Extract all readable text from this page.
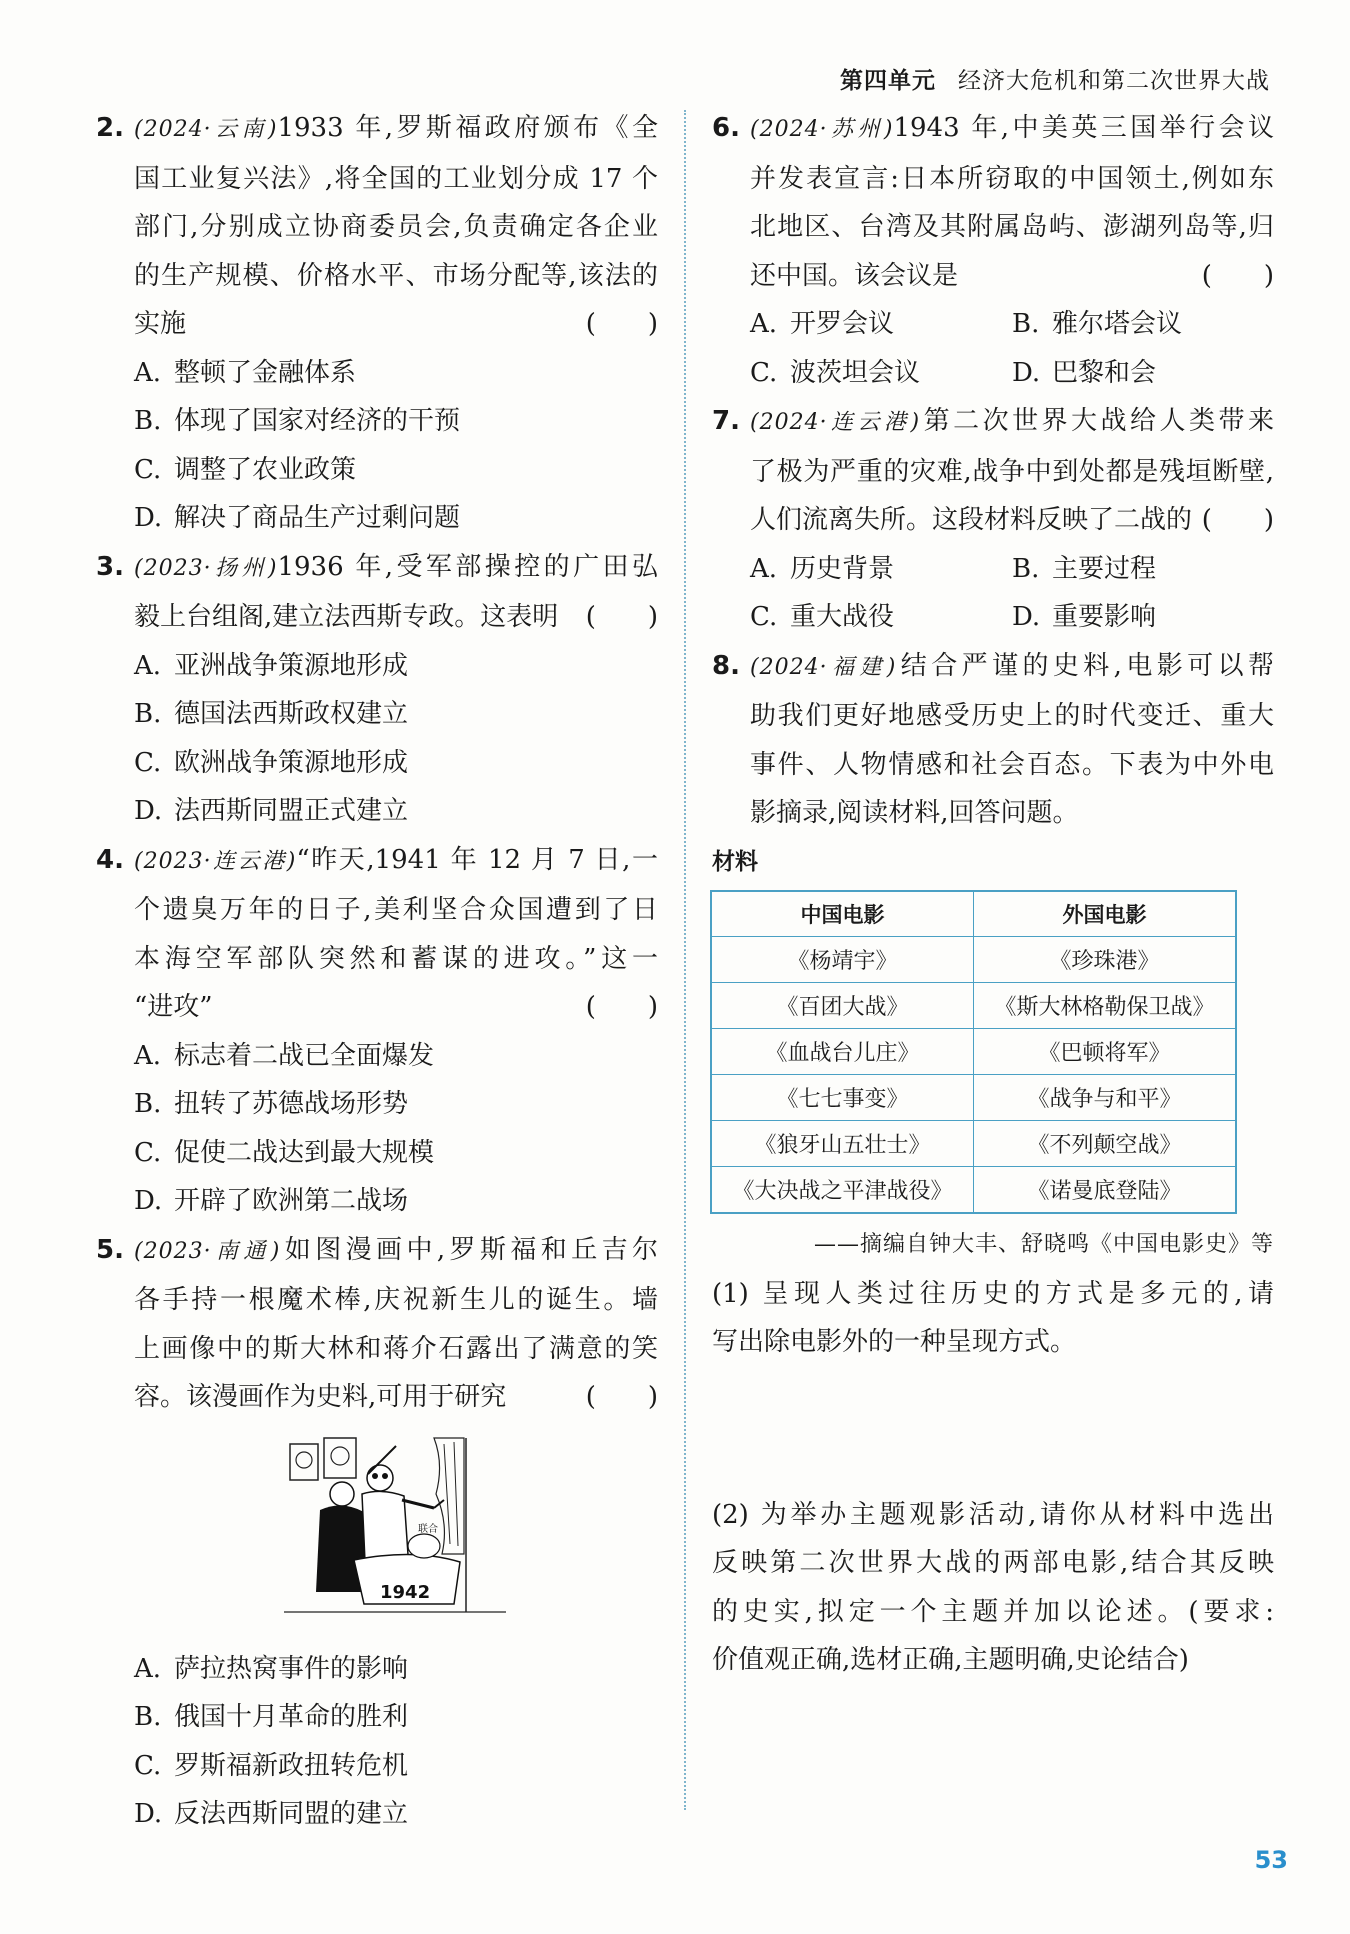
第四单元 经济大危机和第二次世界大战
2. (2024·云南)1933 年,罗斯福政府颁布《全
国工业复兴法》,将全国的工业划分成 17 个
部门,分别成立协商委员会,负责确定各企业
的生产规模、价格水平、市场分配等,该法的
实施	(　　)
A. 整顿了金融体系
B. 体现了国家对经济的干预
C. 调整了农业政策
D. 解决了商品生产过剩问题
3. (2023·扬州)1936 年,受军部操控的广田弘
毅上台组阁,建立法西斯专政。这表明 (　　)
A. 亚洲战争策源地形成
B. 德国法西斯政权建立
C. 欧洲战争策源地形成
D. 法西斯同盟正式建立
4. (2023·连云港)“昨天,1941 年 12 月 7 日,一
个遗臭万年的日子,美利坚合众国遭到了日
本海空军部队突然和蓄谋的进攻。”这一
“进攻”	(　　)
A. 标志着二战已全面爆发
B. 扭转了苏德战场形势
C. 促使二战达到最大规模
D. 开辟了欧洲第二战场
5. (2023·南通)如图漫画中,罗斯福和丘吉尔
各手持一根魔术棒,庆祝新生儿的诞生。墙
上画像中的斯大林和蒋介石露出了满意的笑
容。该漫画作为史料,可用于研究	(　　)
联合
1942
A. 萨拉热窝事件的影响
B. 俄国十月革命的胜利
C. 罗斯福新政扭转危机
D. 反法西斯同盟的建立
6. (2024·苏州)1943 年,中美英三国举行会议
并发表宣言:日本所窃取的中国领土,例如东
北地区、台湾及其附属岛屿、澎湖列岛等,归
还中国。该会议是	(　　)
A. 开罗会议	B. 雅尔塔会议
C. 波茨坦会议	D. 巴黎和会
7. (2024·连云港)第二次世界大战给人类带来
了极为严重的灾难,战争中到处都是残垣断壁,
人们流离失所。这段材料反映了二战的 (　　)
A. 历史背景	B. 主要过程
C. 重大战役	D. 重要影响
8. (2024·福建)结合严谨的史料,电影可以帮
助我们更好地感受历史上的时代变迁、重大
事件、人物情感和社会百态。下表为中外电
影摘录,阅读材料,回答问题。
材料
中国电影	外国电影
《杨靖宇》	《珍珠港》
《百团大战》	《斯大林格勒保卫战》
《血战台儿庄》	《巴顿将军》
《七七事变》	《战争与和平》
《狼牙山五壮士》	《不列颠空战》
《大决战之平津战役》	《诺曼底登陆》
——摘编自钟大丰、舒晓鸣《中国电影史》等
(1) 呈现人类过往历史的方式是多元的,请
写出除电影外的一种呈现方式。
(2) 为举办主题观影活动,请你从材料中选出
反映第二次世界大战的两部电影,结合其反映
的史实,拟定一个主题并加以论述。(要求:
价值观正确,选材正确,主题明确,史论结合)
53
